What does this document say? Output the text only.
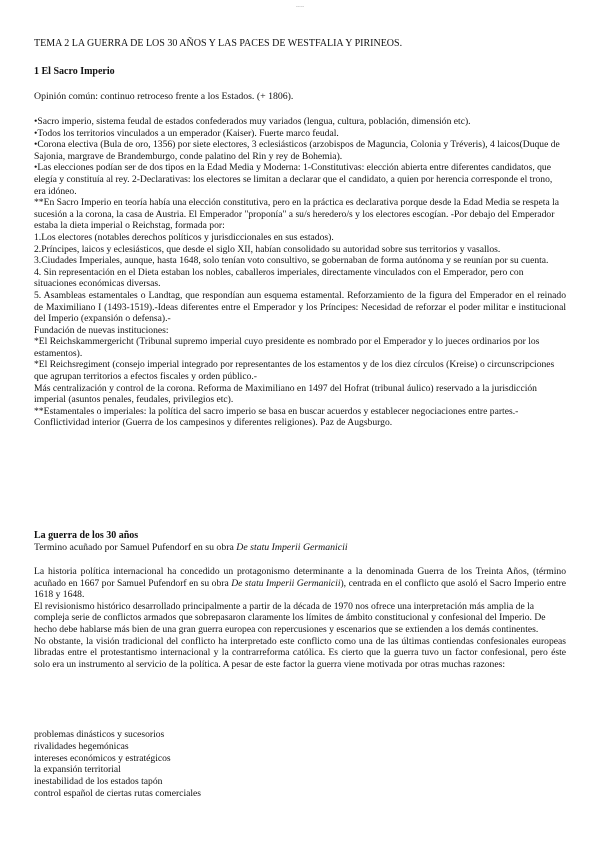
-----
TEMA 2 LA GUERRA DE LOS 30 AÑOS Y LAS PACES DE WESTFALIA Y PIRINEOS.
1 El Sacro Imperio
Opinión común: continuo retroceso frente a los Estados. (+ 1806).

•Sacro imperio, sistema feudal de estados confederados muy variados (lengua, cultura, población, dimensión etc).

•Todos los territorios vinculados a un emperador (Kaiser). Fuerte marco feudal.

•Corona electiva (Bula de oro, 1356) por siete electores, 3 eclesiásticos (arzobispos de Maguncia, Colonia y Tréveris), 4 laicos(Duque de Sajonia, margrave de Brandemburgo, conde palatino del Rin y rey de Bohemia).

•Las elecciones podían ser de dos tipos en la Edad Media y Moderna: 1-Constitutivas: elección abierta entre diferentes candidatos, que elegía y constituía al rey. 2-Declarativas: los electores se limitan a declarar que el candidato, a quien por herencia corresponde el trono, era idóneo.

**En Sacro Imperio en teoría había una elección constitutiva, pero en la práctica es declarativa porque desde la Edad Media se respeta la sucesión a la corona, la casa de Austria. El Emperador "proponía" a su/s heredero/s y los electores escogían. -Por debajo del Emperador estaba la dieta imperial o Reichstag, formada por:

1.Los electores (notables derechos políticos y jurisdiccionales en sus estados).

2.Príncipes, laicos y eclesiásticos, que desde el siglo XII, habían consolidado su autoridad sobre sus territorios y vasallos.

3.Ciudades Imperiales, aunque, hasta 1648, solo tenían voto consultivo, se gobernaban de forma autónoma y se reunían por su cuenta.

4. Sin representación en el Dieta estaban los nobles, caballeros imperiales, directamente vinculados con el Emperador, pero con situaciones económicas diversas.

5. Asambleas estamentales o Landtag, que respondían aun esquema estamental. Reforzamiento de la figura del Emperador en el reinado de Maximiliano I (1493-1519).-Ideas diferentes entre el Emperador y los Príncipes: Necesidad de reforzar el poder militar e institucional del Imperio (expansión o defensa).-

Fundación de nuevas instituciones:

*El Reichskammergericht (Tribunal supremo imperial cuyo presidente es nombrado por el Emperador y lo jueces ordinarios por los estamentos).

*El Reichsregiment (consejo imperial integrado por representantes de los estamentos y de los diez círculos (Kreise) o circunscripciones que agrupan territorios a efectos fiscales y orden público.-

Más centralización y control de la corona. Reforma de Maximiliano en 1497 del Hofrat (tribunal áulico) reservado a la jurisdicción imperial (asuntos penales, feudales, privilegios etc).

**Estamentales o imperiales: la política del sacro imperio se basa en buscar acuerdos y establecer negociaciones entre partes.-

Conflictividad interior (Guerra de los campesinos y diferentes religiones). Paz de Augsburgo.

La guerra de los 30 años
Termino acuñado por Samuel Pufendorf en su obra De statu Imperii Germanicii

La historia política internacional ha concedido un protagonismo determinante a la denominada Guerra de los Treinta Años, (término acuñado en 1667 por Samuel Pufendorf en su obra De statu Imperii Germanicii), centrada en el conflicto que asoló el Sacro Imperio entre 1618 y 1648.

El revisionismo histórico desarrollado principalmente a partir de la década de 1970 nos ofrece una interpretación más amplia de la compleja serie de conflictos armados que sobrepasaron claramente los límites de ámbito constitucional y confesional del Imperio. De hecho debe hablarse más bien de una gran guerra europea con repercusiones y escenarios que se extienden a los demás continentes.

No obstante, la visión tradicional del conflicto ha interpretado este conflicto como una de las últimas contiendas confesionales europeas libradas entre el protestantismo internacional y la contrarreforma católica. Es cierto que la guerra tuvo un factor confesional, pero éste solo era un instrumento al servicio de la política. A pesar de este factor la guerra viene motivada por otras muchas razones:

problemas dinásticos y sucesorios
rivalidades hegemónicas
intereses económicos y estratégicos
la expansión territorial
inestabilidad de los estados tapón
control español de ciertas rutas comerciales
